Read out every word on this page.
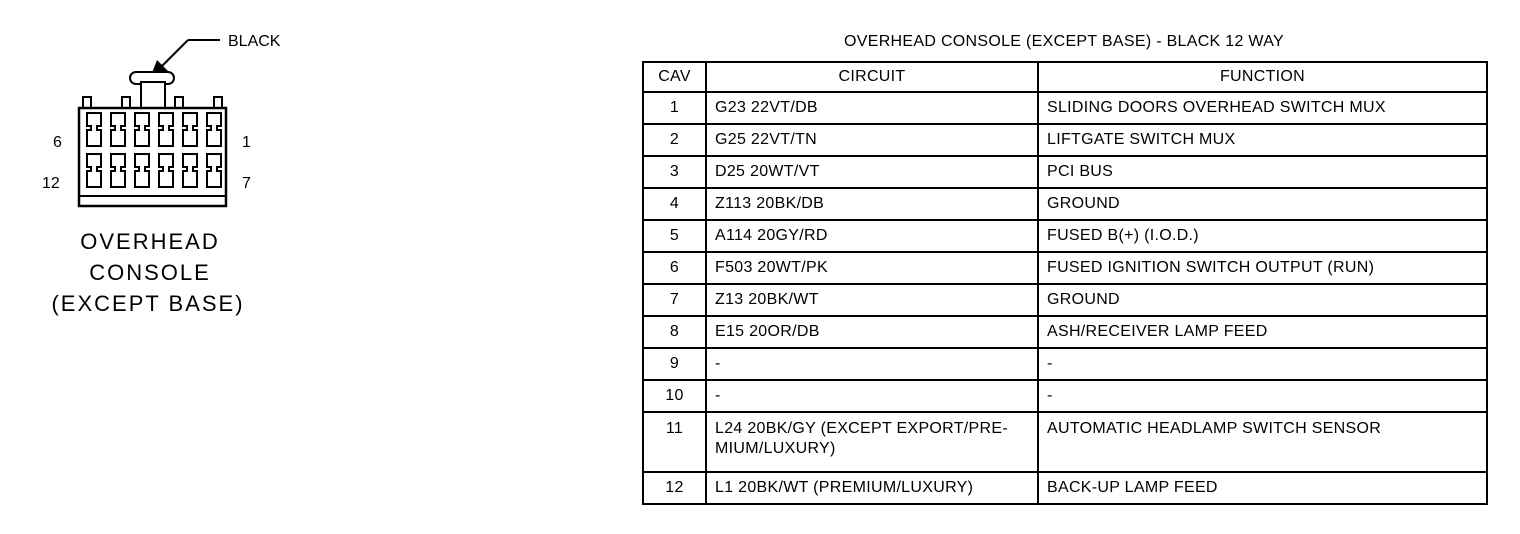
BLACK
6	1
12	7
OVERHEAD
CONSOLE
(EXCEPT BASE)
OVERHEAD CONSOLE (EXCEPT BASE) - BLACK 12 WAY
CAV	CIRCUIT	FUNCTION
1	G23 22VT/DB	SLIDING DOORS OVERHEAD SWITCH MUX
2	G25 22VT/TN	LIFTGATE SWITCH MUX
3	D25 20WT/VT	PCI BUS
4	Z113 20BK/DB	GROUND
5	A114 20GY/RD	FUSED B(+) (I.O.D.)
6	F503 20WT/PK	FUSED IGNITION SWITCH OUTPUT (RUN)
7	Z13 20BK/WT	GROUND
8	E15 20OR/DB	ASH/RECEIVER LAMP FEED
9	-	-
10	-	-
11	L24 20BK/GY (EXCEPT EXPORT/PRE-
MIUM/LUXURY)	AUTOMATIC HEADLAMP SWITCH SENSOR
12	L1 20BK/WT (PREMIUM/LUXURY)	BACK-UP LAMP FEED
